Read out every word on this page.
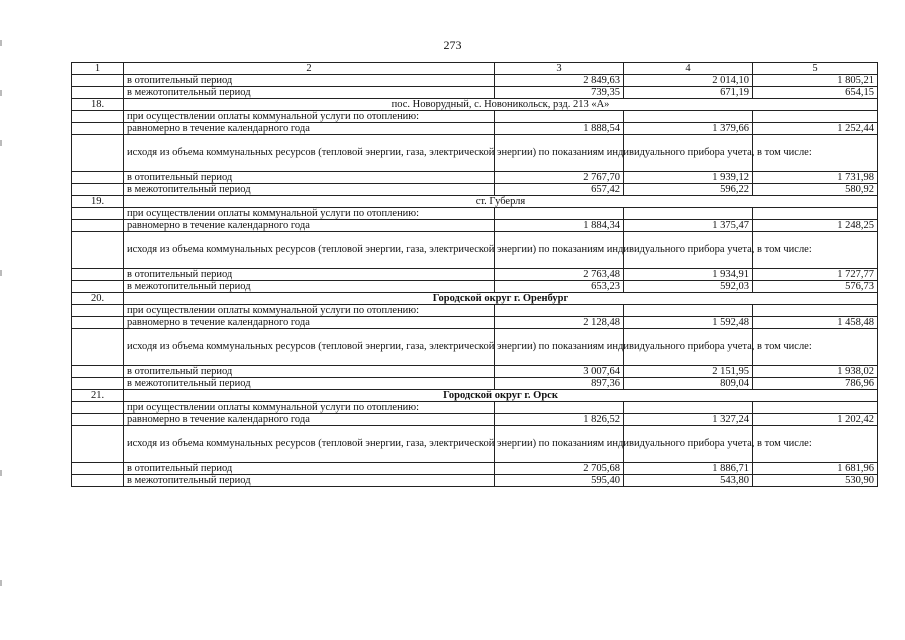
273
1	2	3	4	5
	в отопительный период	2 849,63	2 014,10	1 805,21
	в межотопительный период	739,35	671,19	654,15
18.	пос. Новорудный, с. Новоникольск, рзд. 213 «А»			
	при осуществлении оплаты коммунальной услуги по отоплению:			
	равномерно в течение календарного года	1 888,54	1 379,66	1 252,44
	исходя из объема коммунальных ресурсов (тепловой энергии, газа, электрической энергии) по показаниям индивидуального прибора учета, в том числе:			
	в отопительный период	2 767,70	1 939,12	1 731,98
	в межотопительный период	657,42	596,22	580,92
19.	ст. Губерля			
	при осуществлении оплаты коммунальной услуги по отоплению:			
	равномерно в течение календарного года	1 884,34	1 375,47	1 248,25
	исходя из объема коммунальных ресурсов (тепловой энергии, газа, электрической энергии) по показаниям индивидуального прибора учета, в том числе:			
	в отопительный период	2 763,48	1 934,91	1 727,77
	в межотопительный период	653,23	592,03	576,73
20.	Городской округ г. Оренбург			
	при осуществлении оплаты коммунальной услуги по отоплению:			
	равномерно в течение календарного года	2 128,48	1 592,48	1 458,48
	исходя из объема коммунальных ресурсов (тепловой энергии, газа, электрической энергии) по показаниям индивидуального прибора учета, в том числе:			
	в отопительный период	3 007,64	2 151,95	1 938,02
	в межотопительный период	897,36	809,04	786,96
21.	Городской округ г. Орск			
	при осуществлении оплаты коммунальной услуги по отоплению:			
	равномерно в течение календарного года	1 826,52	1 327,24	1 202,42
	исходя из объема коммунальных ресурсов (тепловой энергии, газа, электрической энергии) по показаниям индивидуального прибора учета, в том числе:			
	в отопительный период	2 705,68	1 886,71	1 681,96
	в межотопительный период	595,40	543,80	530,90
